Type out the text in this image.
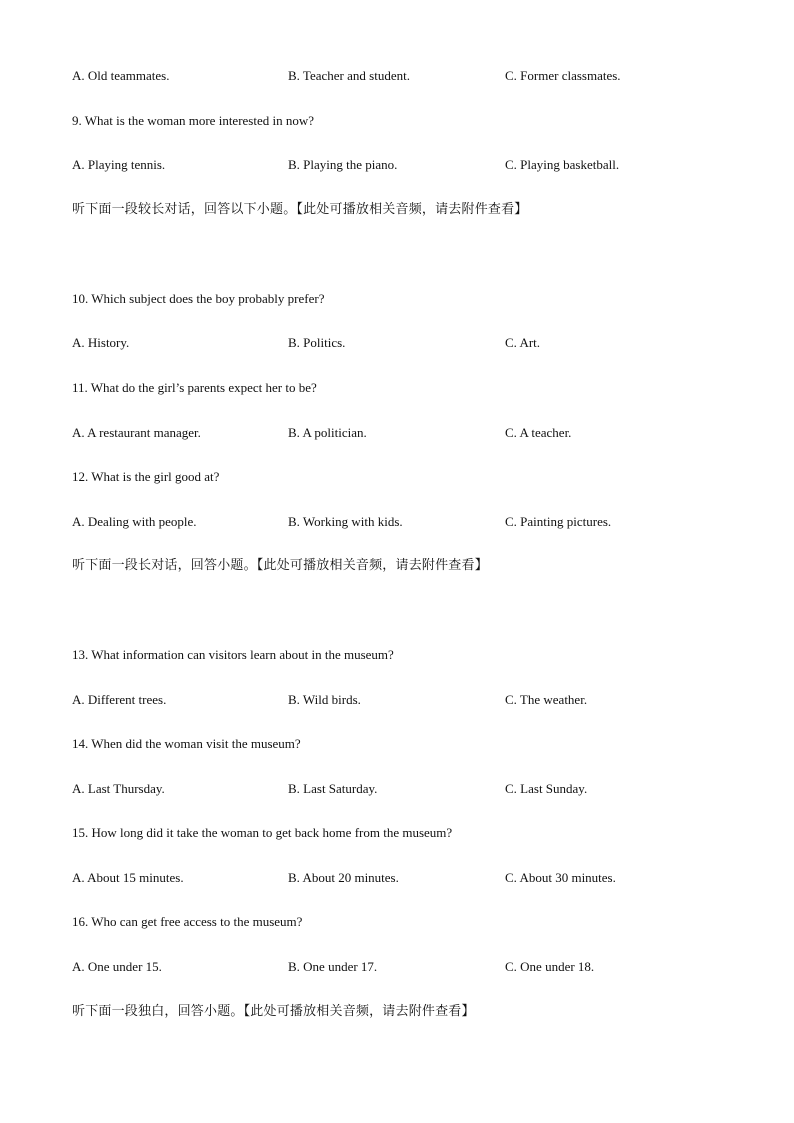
A. Old teammates.	B. Teacher and student.	C. Former classmates.
9. What is the woman more interested in now?
A. Playing tennis.	B. Playing the piano.	C. Playing basketball.
听下面一段较长对话，回答以下小题。【此处可播放相关音频，请去附件查看】
10. Which subject does the boy probably prefer?
A. History.	B. Politics.	C. Art.
11. What do the girl’s parents expect her to be?
A. A restaurant manager.	B. A politician.	C. A teacher.
12. What is the girl good at?
A. Dealing with people.	B. Working with kids.	C. Painting pictures.
听下面一段长对话，回答小题。【此处可播放相关音频，请去附件查看】
13. What information can visitors learn about in the museum?
A. Different trees.	B. Wild birds.	C. The weather.
14. When did the woman visit the museum?
A. Last Thursday.	B. Last Saturday.	C. Last Sunday.
15. How long did it take the woman to get back home from the museum?
A. About 15 minutes.	B. About 20 minutes.	C. About 30 minutes.
16. Who can get free access to the museum?
A. One under 15.	B. One under 17.	C. One under 18.
听下面一段独白，回答小题。【此处可播放相关音频，请去附件查看】
